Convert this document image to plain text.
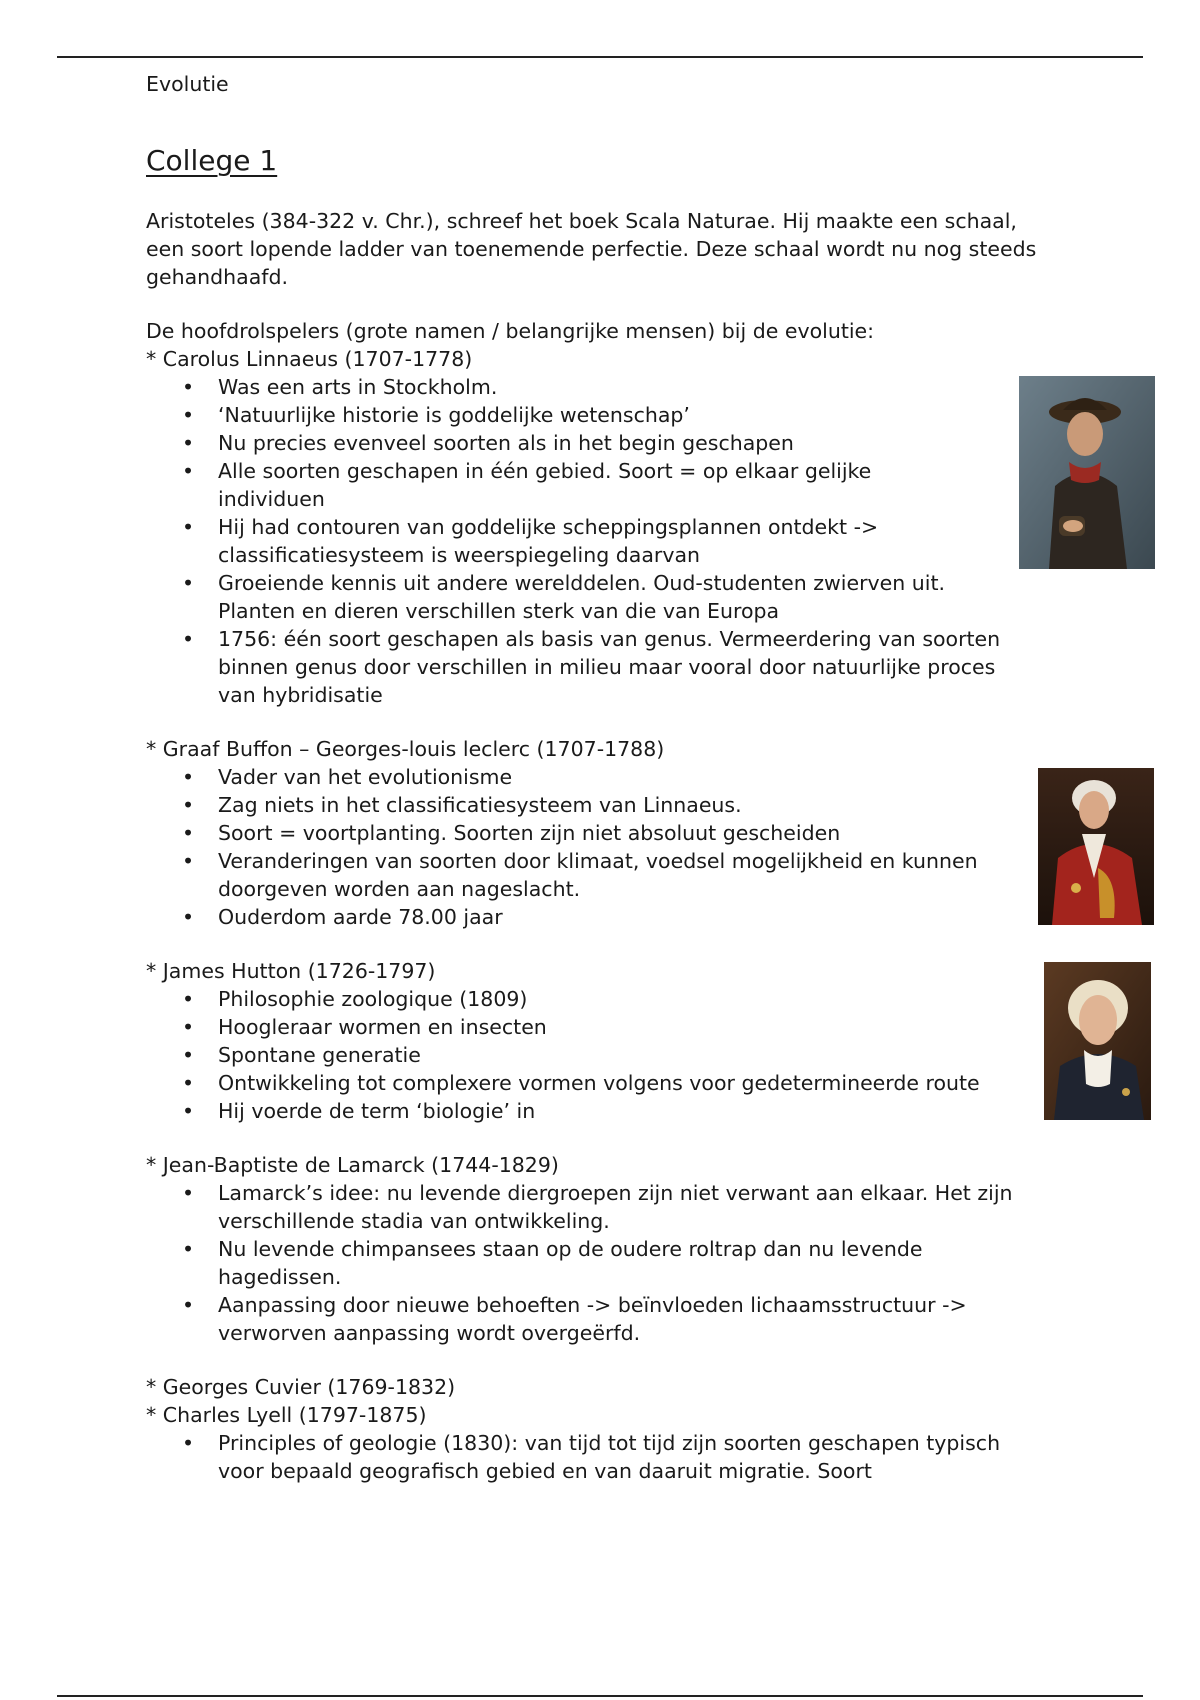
Evolutie

College 1

Aristoteles (384-322 v. Chr.), schreef het boek Scala Naturae. Hij maakte een schaal, een soort lopende ladder van toenemende perfectie. Deze schaal wordt nu nog steeds gehandhaafd.

De hoofdrolspelers (grote namen / belangrijke mensen) bij de evolutie:

* Carolus Linnaeus (1707-1778)

• Was een arts in Stockholm.
• ‘Natuurlijke historie is goddelijke wetenschap’
• Nu precies evenveel soorten als in het begin geschapen
• Alle soorten geschapen in één gebied. Soort = op elkaar gelijke individuen
• Hij had contouren van goddelijke scheppingsplannen ontdekt -> classificatiesysteem is weerspiegeling daarvan
• Groeiende kennis uit andere werelddelen. Oud-studenten zwierven uit. Planten en dieren verschillen sterk van die van Europa
• 1756: één soort geschapen als basis van genus. Vermeerdering van soorten binnen genus door verschillen in milieu maar vooral door natuurlijke proces van hybridisatie

* Graaf Buffon – Georges-louis leclerc (1707-1788)

• Vader van het evolutionisme
• Zag niets in het classificatiesysteem van Linnaeus.
• Soort = voortplanting. Soorten zijn niet absoluut gescheiden
• Veranderingen van soorten door klimaat, voedsel mogelijkheid en kunnen doorgeven worden aan nageslacht.
• Ouderdom aarde 78.00 jaar

* James Hutton (1726-1797)

• Philosophie zoologique (1809)
• Hoogleraar wormen en insecten
• Spontane generatie
• Ontwikkeling tot complexere vormen volgens voor gedetermineerde route
• Hij voerde de term ‘biologie’ in

* Jean-Baptiste de Lamarck (1744-1829)

• Lamarck’s idee: nu levende diergroepen zijn niet verwant aan elkaar. Het zijn verschillende stadia van ontwikkeling.
• Nu levende chimpansees staan op de oudere roltrap dan nu levende hagedissen.
• Aanpassing door nieuwe behoeften -> beïnvloeden lichaamsstructuur -> verworven aanpassing wordt overgeërfd.

* Georges Cuvier (1769-1832)

* Charles Lyell (1797-1875)

• Principles of geologie (1830): van tijd tot tijd zijn soorten geschapen typisch voor bepaald geografisch gebied en van daaruit migratie. Soort
